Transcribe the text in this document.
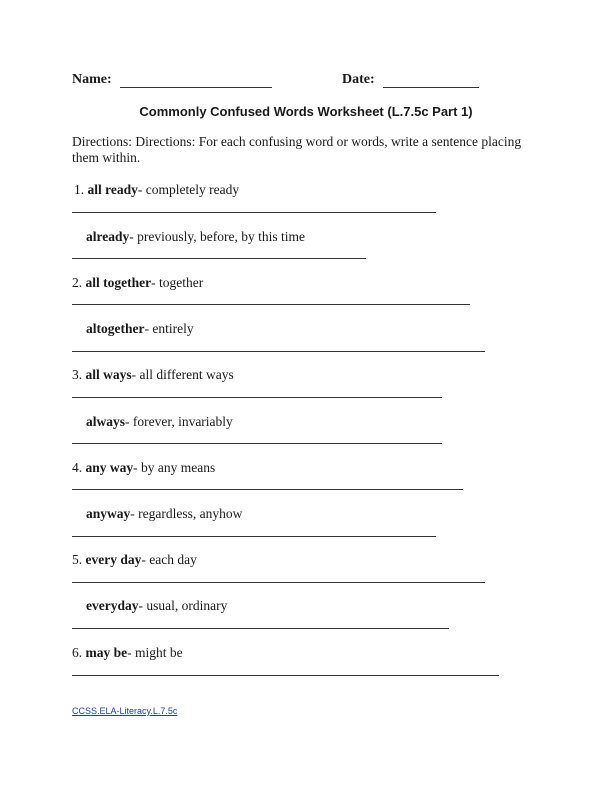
Name:	Date:
Commonly Confused Words Worksheet (L.7.5c Part 1)
Directions: Directions: For each confusing word or words, write a sentence placing them within.
1. all ready- completely ready
already- previously, before, by this time
2. all together- together
altogether- entirely
3. all ways- all different ways
always- forever, invariably
4. any way- by any means
anyway- regardless, anyhow
5. every day- each day
everyday- usual, ordinary
6. may be- might be
CCSS.ELA-Literacy.L.7.5c
